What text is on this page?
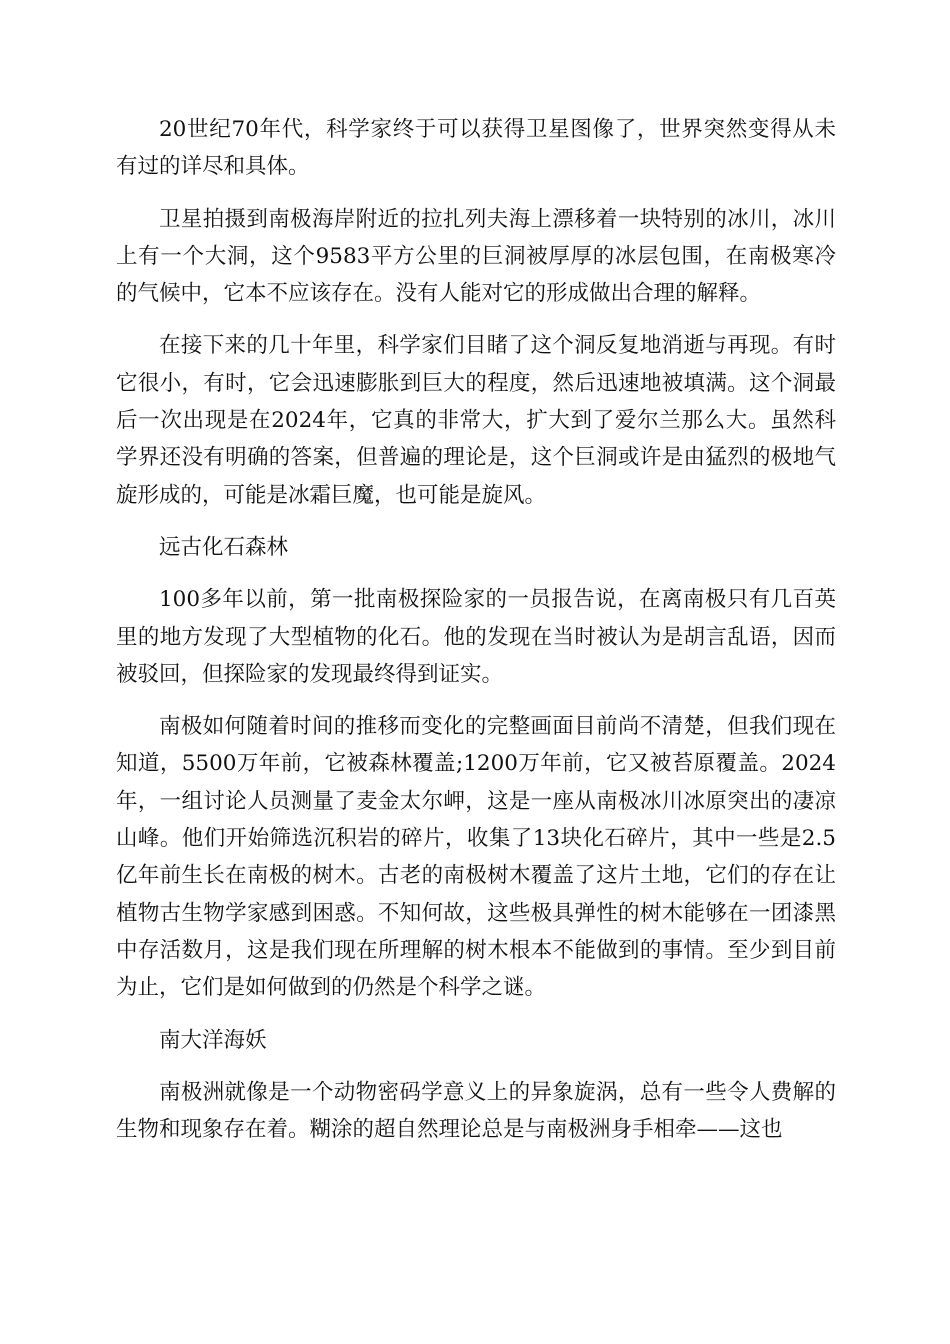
20世纪70年代，科学家终于可以获得卫星图像了，世界突然变得从未有过的详尽和具体。

卫星拍摄到南极海岸附近的拉扎列夫海上漂移着一块特别的冰川，冰川上有一个大洞，这个9583平方公里的巨洞被厚厚的冰层包围，在南极寒冷的气候中，它本不应该存在。没有人能对它的形成做出合理的解释。

在接下来的几十年里，科学家们目睹了这个洞反复地消逝与再现。有时它很小，有时，它会迅速膨胀到巨大的程度，然后迅速地被填满。这个洞最后一次出现是在2024年，它真的非常大，扩大到了爱尔兰那么大。虽然科学界还没有明确的答案，但普遍的理论是，这个巨洞或许是由猛烈的极地气旋形成的，可能是冰霜巨魔，也可能是旋风。

远古化石森林

100多年以前，第一批南极探险家的一员报告说，在离南极只有几百英里的地方发现了大型植物的化石。他的发现在当时被认为是胡言乱语，因而被驳回，但探险家的发现最终得到证实。

南极如何随着时间的推移而变化的完整画面目前尚不清楚，但我们现在知道，5500万年前，它被森林覆盖;1200万年前，它又被苔原覆盖。2024年，一组讨论人员测量了麦金太尔岬，这是一座从南极冰川冰原突出的凄凉山峰。他们开始筛选沉积岩的碎片，收集了13块化石碎片，其中一些是2.5亿年前生长在南极的树木。古老的南极树木覆盖了这片土地，它们的存在让植物古生物学家感到困惑。不知何故，这些极具弹性的树木能够在一团漆黑中存活数月，这是我们现在所理解的树木根本不能做到的事情。至少到目前为止，它们是如何做到的仍然是个科学之谜。

南大洋海妖

南极洲就像是一个动物密码学意义上的异象旋涡，总有一些令人费解的生物和现象存在着。糊涂的超自然理论总是与南极洲身手相牵——这也
